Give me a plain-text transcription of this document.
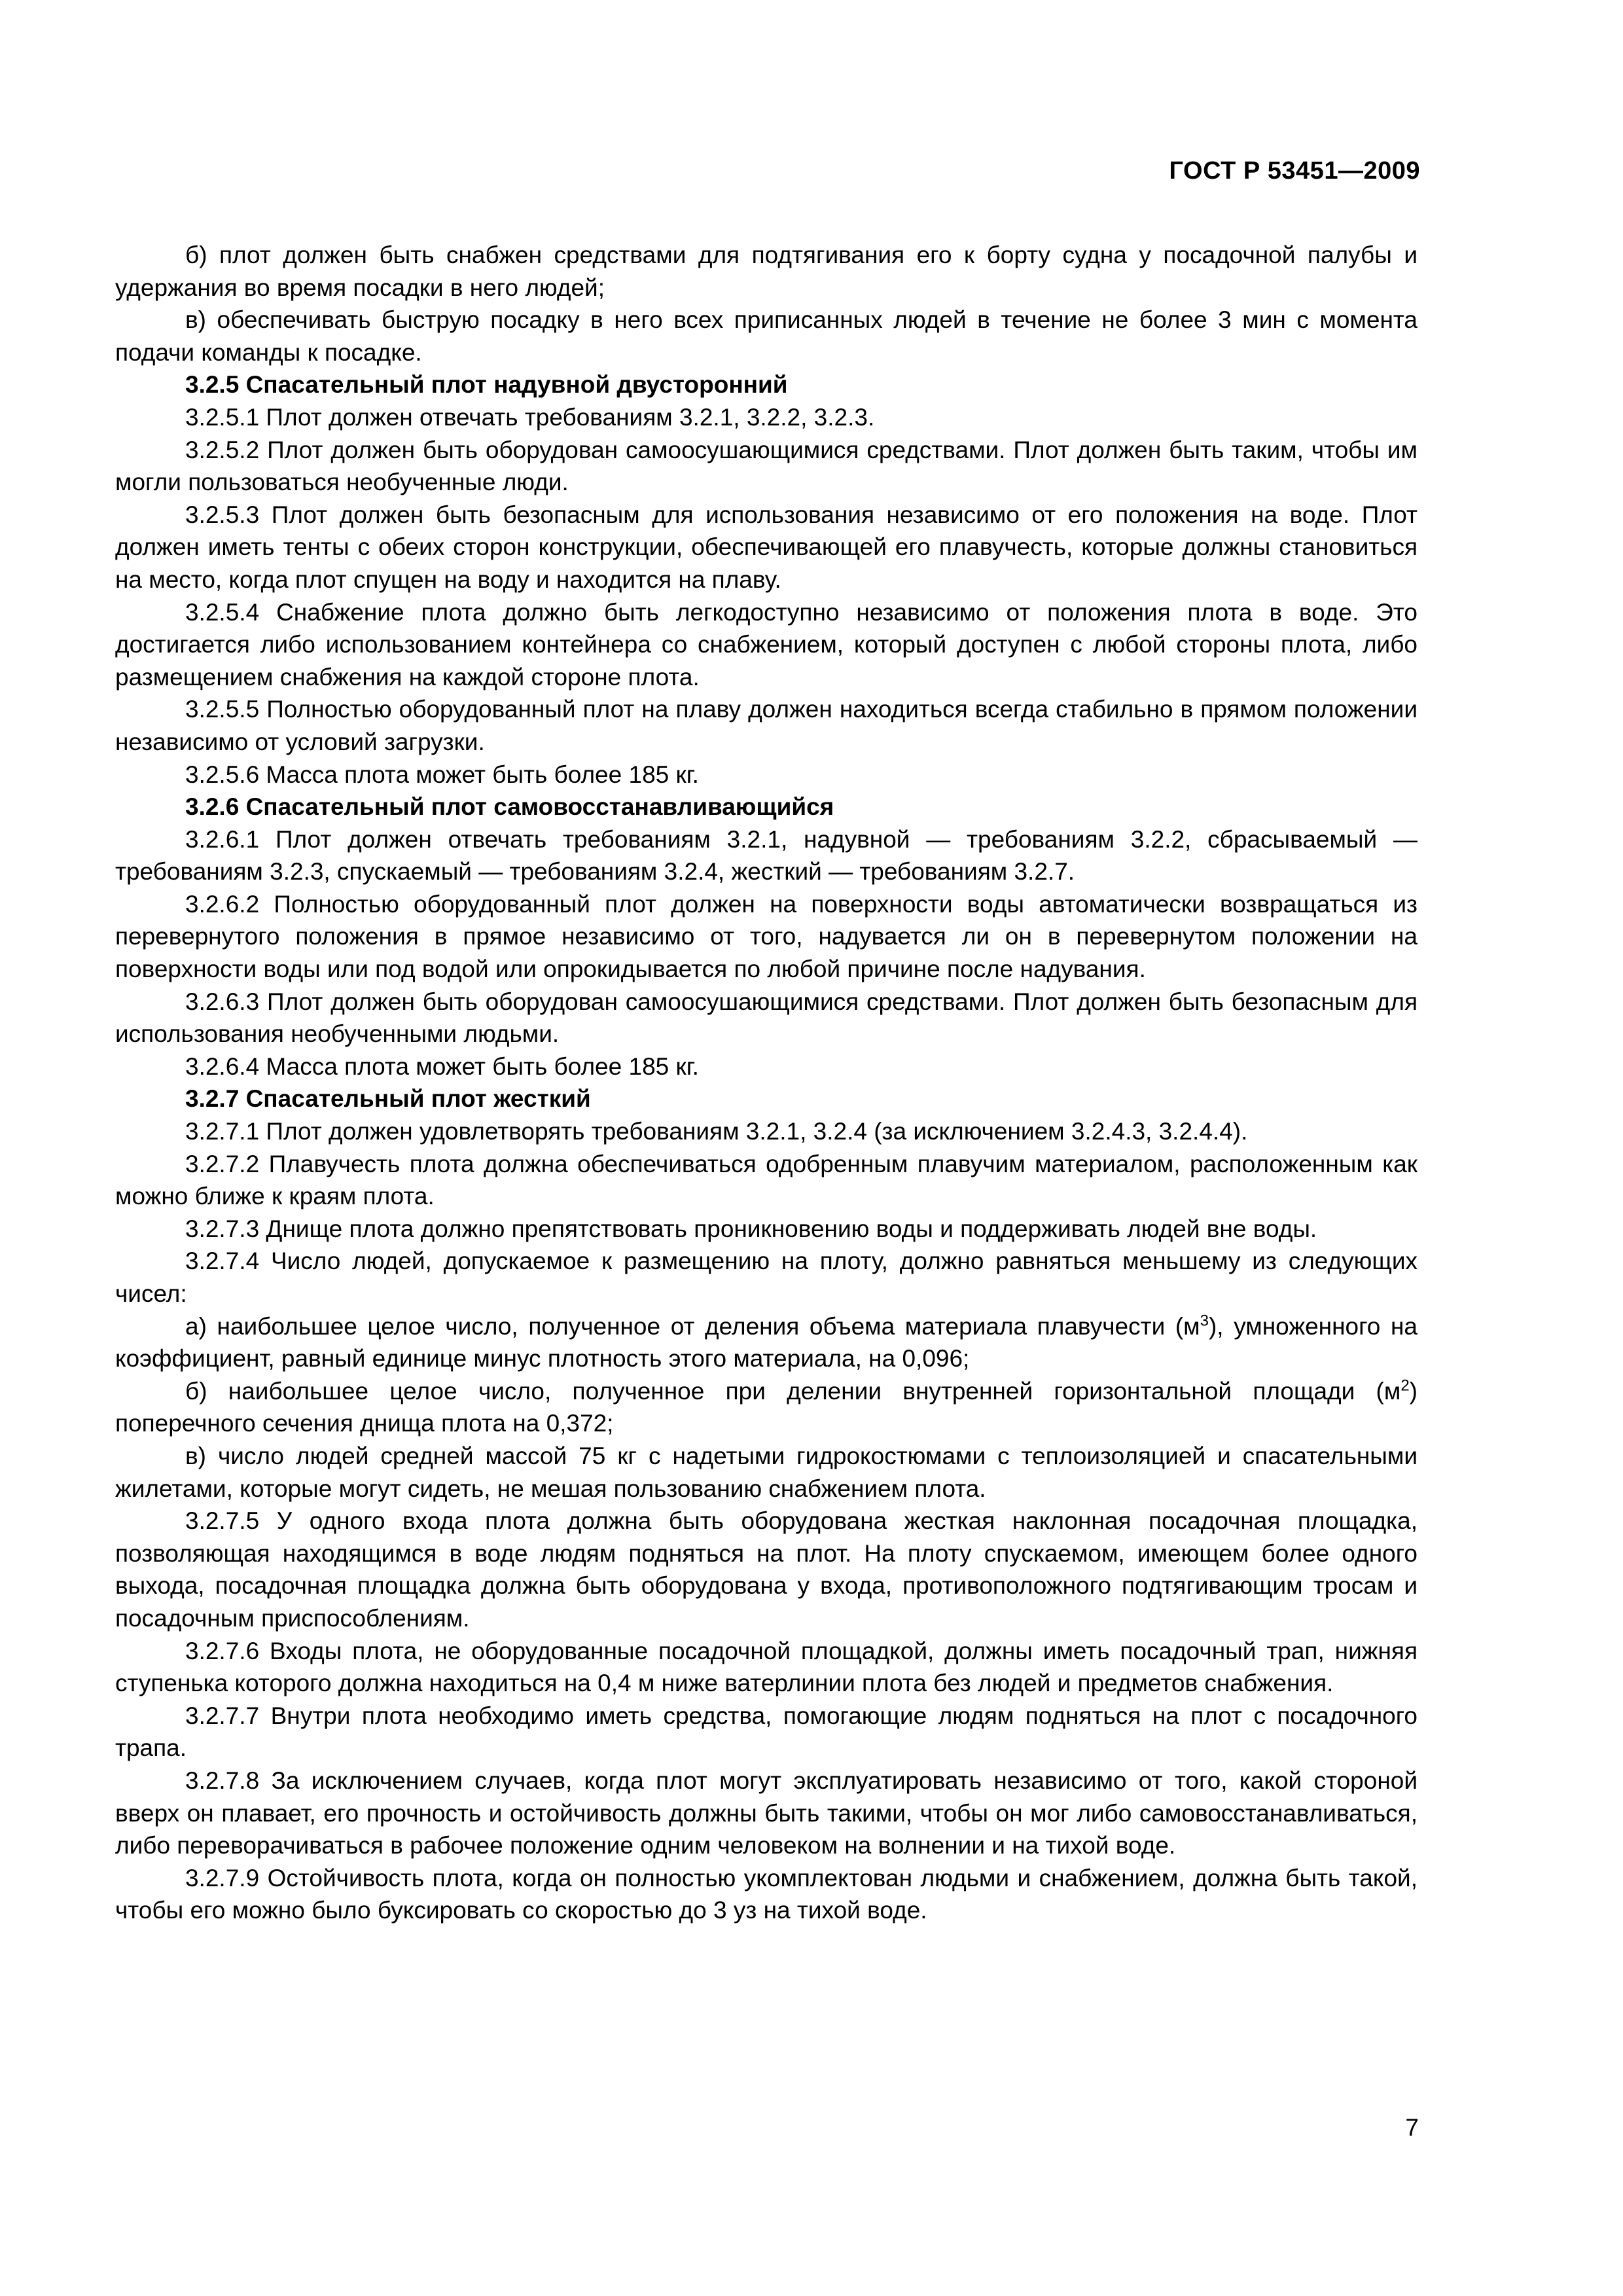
ГОСТ Р 53451—2009

б) плот должен быть снабжен средствами для подтягивания его к борту судна у посадочной палубы и удержания во время посадки в него людей;

в) обеспечивать быструю посадку в него всех приписанных людей в течение не более 3 мин с момента подачи команды к посадке.

3.2.5 Спасательный плот надувной двусторонний

3.2.5.1 Плот должен отвечать требованиям 3.2.1, 3.2.2, 3.2.3.

3.2.5.2 Плот должен быть оборудован самоосушающимися средствами. Плот должен быть таким, чтобы им могли пользоваться необученные люди.

3.2.5.3 Плот должен быть безопасным для использования независимо от его положения на воде. Плот должен иметь тенты с обеих сторон конструкции, обеспечивающей его плавучесть, которые должны становиться на место, когда плот спущен на воду и находится на плаву.

3.2.5.4 Снабжение плота должно быть легкодоступно независимо от положения плота в воде. Это достигается либо использованием контейнера со снабжением, который доступен с любой стороны плота, либо размещением снабжения на каждой стороне плота.

3.2.5.5 Полностью оборудованный плот на плаву должен находиться всегда стабильно в прямом положении независимо от условий загрузки.

3.2.5.6 Масса плота может быть более 185 кг.

3.2.6 Спасательный плот самовосстанавливающийся

3.2.6.1 Плот должен отвечать требованиям 3.2.1, надувной — требованиям 3.2.2, сбрасываемый — требованиям 3.2.3, спускаемый — требованиям 3.2.4, жесткий — требованиям 3.2.7.

3.2.6.2 Полностью оборудованный плот должен на поверхности воды автоматически возвращаться из перевернутого положения в прямое независимо от того, надувается ли он в перевернутом положении на поверхности воды или под водой или опрокидывается по любой причине после надувания.

3.2.6.3 Плот должен быть оборудован самоосушающимися средствами. Плот должен быть безопасным для использования необученными людьми.

3.2.6.4 Масса плота может быть более 185 кг.

3.2.7 Спасательный плот жесткий

3.2.7.1 Плот должен удовлетворять требованиям 3.2.1, 3.2.4 (за исключением 3.2.4.3, 3.2.4.4).

3.2.7.2 Плавучесть плота должна обеспечиваться одобренным плавучим материалом, расположенным как можно ближе к краям плота.

3.2.7.3 Днище плота должно препятствовать проникновению воды и поддерживать людей вне воды.

3.2.7.4 Число людей, допускаемое к размещению на плоту, должно равняться меньшему из следующих чисел:

а) наибольшее целое число, полученное от деления объема материала плавучести $(м^3)$, умноженного на коэффициент, равный единице минус плотность этого материала, на 0,096;

б) наибольшее целое число, полученное при делении внутренней горизонтальной площади $(м^2)$ поперечного сечения днища плота на 0,372;

в) число людей средней массой 75 кг с надетыми гидрокостюмами с теплоизоляцией и спасательными жилетами, которые могут сидеть, не мешая пользованию снабжением плота.

3.2.7.5 У одного входа плота должна быть оборудована жесткая наклонная посадочная площадка, позволяющая находящимся в воде людям подняться на плот. На плоту спускаемом, имеющем более одного выхода, посадочная площадка должна быть оборудована у входа, противоположного подтягивающим тросам и посадочным приспособлениям.

3.2.7.6 Входы плота, не оборудованные посадочной площадкой, должны иметь посадочный трап, нижняя ступенька которого должна находиться на 0,4 м ниже ватерлинии плота без людей и предметов снабжения.

3.2.7.7 Внутри плота необходимо иметь средства, помогающие людям подняться на плот с посадочного трапа.

3.2.7.8 За исключением случаев, когда плот могут эксплуатировать независимо от того, какой стороной вверх он плавает, его прочность и остойчивость должны быть такими, чтобы он мог либо самовосстанавливаться, либо переворачиваться в рабочее положение одним человеком на волнении и на тихой воде.

3.2.7.9 Остойчивость плота, когда он полностью укомплектован людьми и снабжением, должна быть такой, чтобы его можно было буксировать со скоростью до 3 уз на тихой воде.

7
